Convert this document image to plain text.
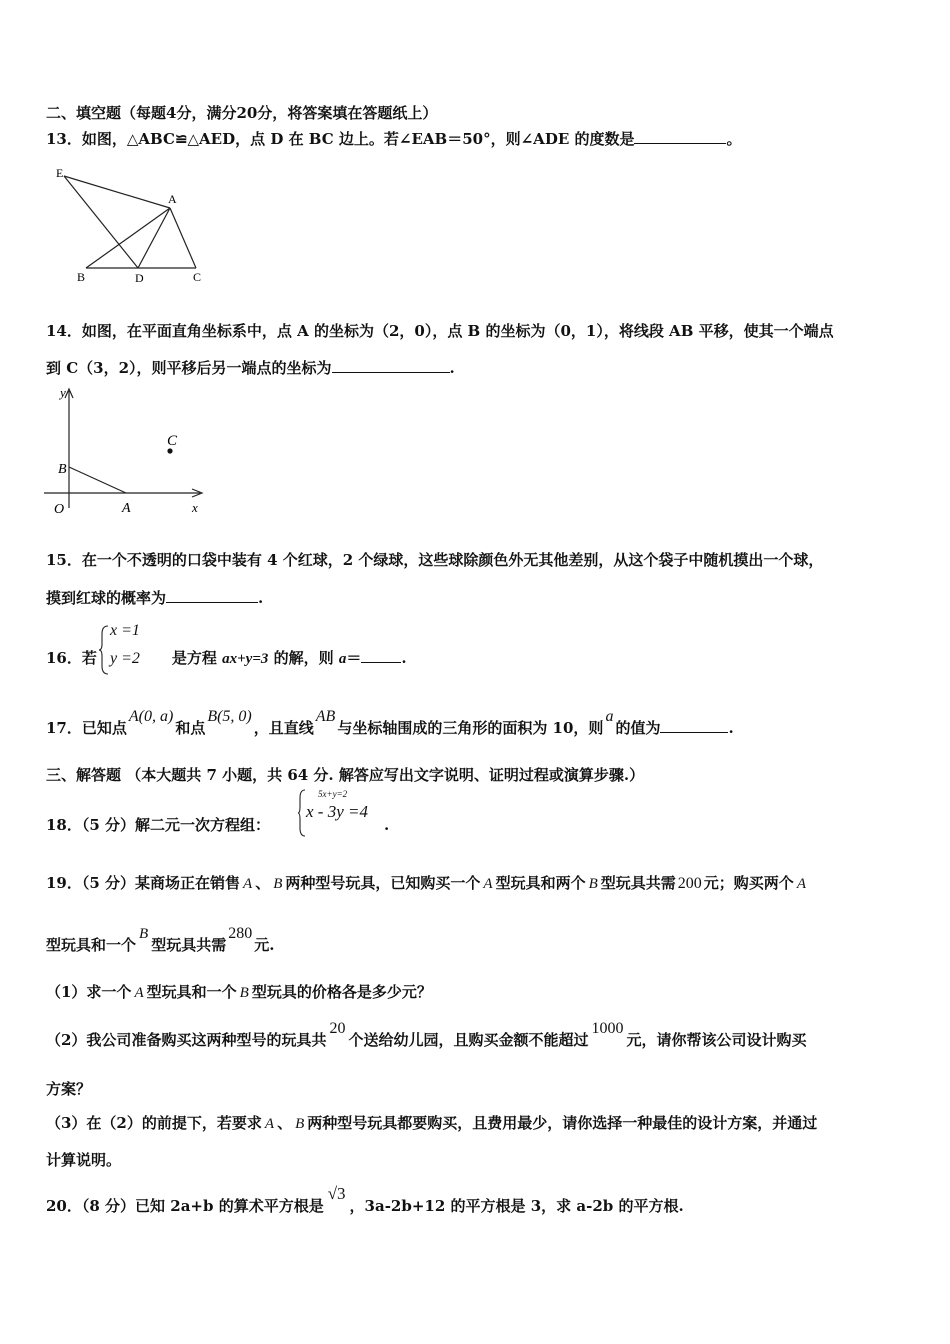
二、填空题（每题4分，满分20分，将答案填在答题纸上）
13．如图，△ABC≌△AED，点 D 在 BC 边上。若∠EAB＝50°，则∠ADE 的度数是	。
E
A
B	D	C
14．如图，在平面直角坐标系中，点 A 的坐标为（2，0），点 B 的坐标为（0，1），将线段 AB 平移，使其一个端点
到 C（3，2），则平移后另一端点的坐标为	.
y
x
O	A
B
C
15．在一个不透明的口袋中装有 4 个红球，2 个绿球，这些球除颜色外无其他差别，从这个袋子中随机摸出一个球，
摸到红球的概率为	.
16．若	是方程 ax+y=3 的解，则 a＝	.
x =1
y =2
17．已知点A(0, a)和点B(5, 0)，且直线AB与坐标轴围成的三角形的面积为 10，则a的值为	.
三、解答题 （本大题共 7 小题，共 64 分. 解答应写出文字说明、证明过程或演算步骤.）
18．（5 分）解二元一次方程组：
5x+y=2
x - 3y =4
.
19．（5 分）某商场正在销售 A 、 B 两种型号玩具，已知购买一个 A 型玩具和两个 B 型玩具共需 200 元；购买两个 A
型玩具和一个B型玩具共需280元.
（1）求一个 A 型玩具和一个 B 型玩具的价格各是多少元？
（2）我公司准备购买这两种型号的玩具共20个送给幼儿园，且购买金额不能超过1000元，请你帮该公司设计购买
方案？
（3）在（2）的前提下，若要求 A 、 B 两种型号玩具都要购买，且费用最少，请你选择一种最佳的设计方案，并通过
计算说明。
20．（8 分）已知 2a+b 的算术平方根是√3，3a-2b+12 的平方根是 3，求 a-2b 的平方根.
